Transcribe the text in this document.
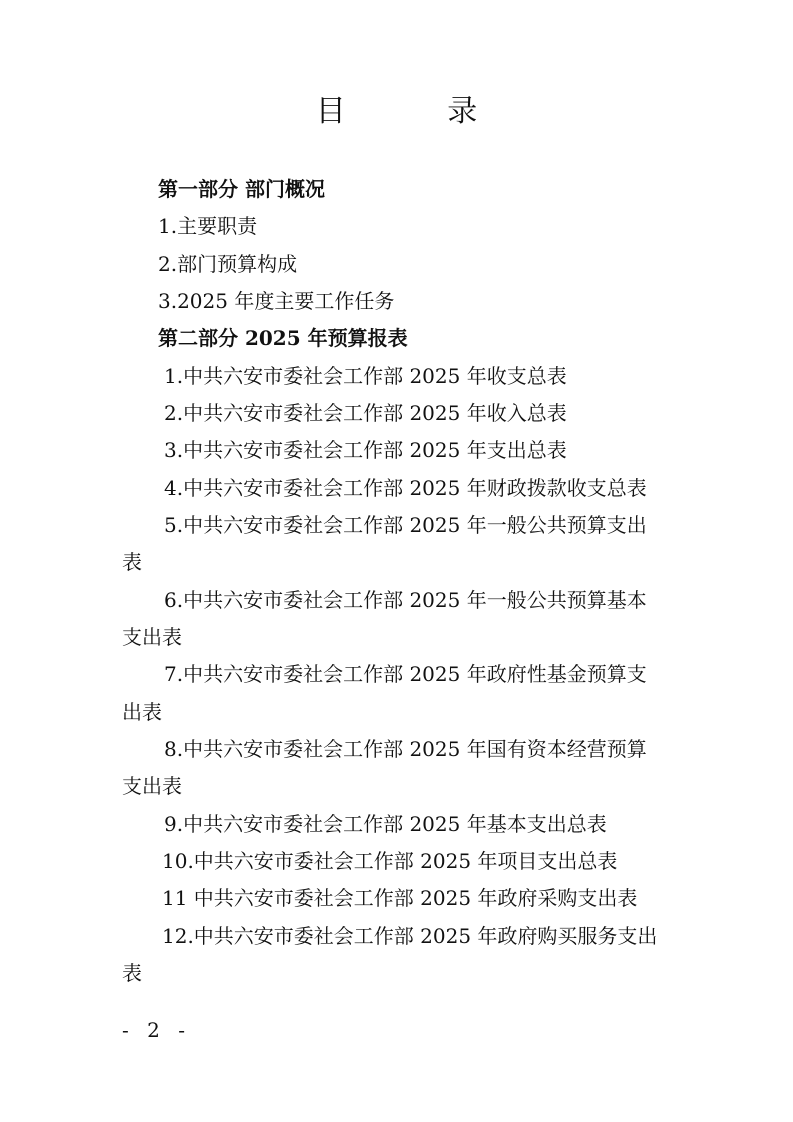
目 录
第一部分 部门概况
1.主要职责
2.部门预算构成
3.2025 年度主要工作任务
第二部分 2025 年预算报表
1.中共六安市委社会工作部 2025 年收支总表
2.中共六安市委社会工作部 2025 年收入总表
3.中共六安市委社会工作部 2025 年支出总表
4.中共六安市委社会工作部 2025 年财政拨款收支总表
5.中共六安市委社会工作部 2025 年一般公共预算支出
表
6.中共六安市委社会工作部 2025 年一般公共预算基本
支出表
7.中共六安市委社会工作部 2025 年政府性基金预算支
出表
8.中共六安市委社会工作部 2025 年国有资本经营预算
支出表
9.中共六安市委社会工作部 2025 年基本支出总表
10.中共六安市委社会工作部 2025 年项目支出总表
11 中共六安市委社会工作部 2025 年政府采购支出表
12.中共六安市委社会工作部 2025 年政府购买服务支出
表
- 2 -
